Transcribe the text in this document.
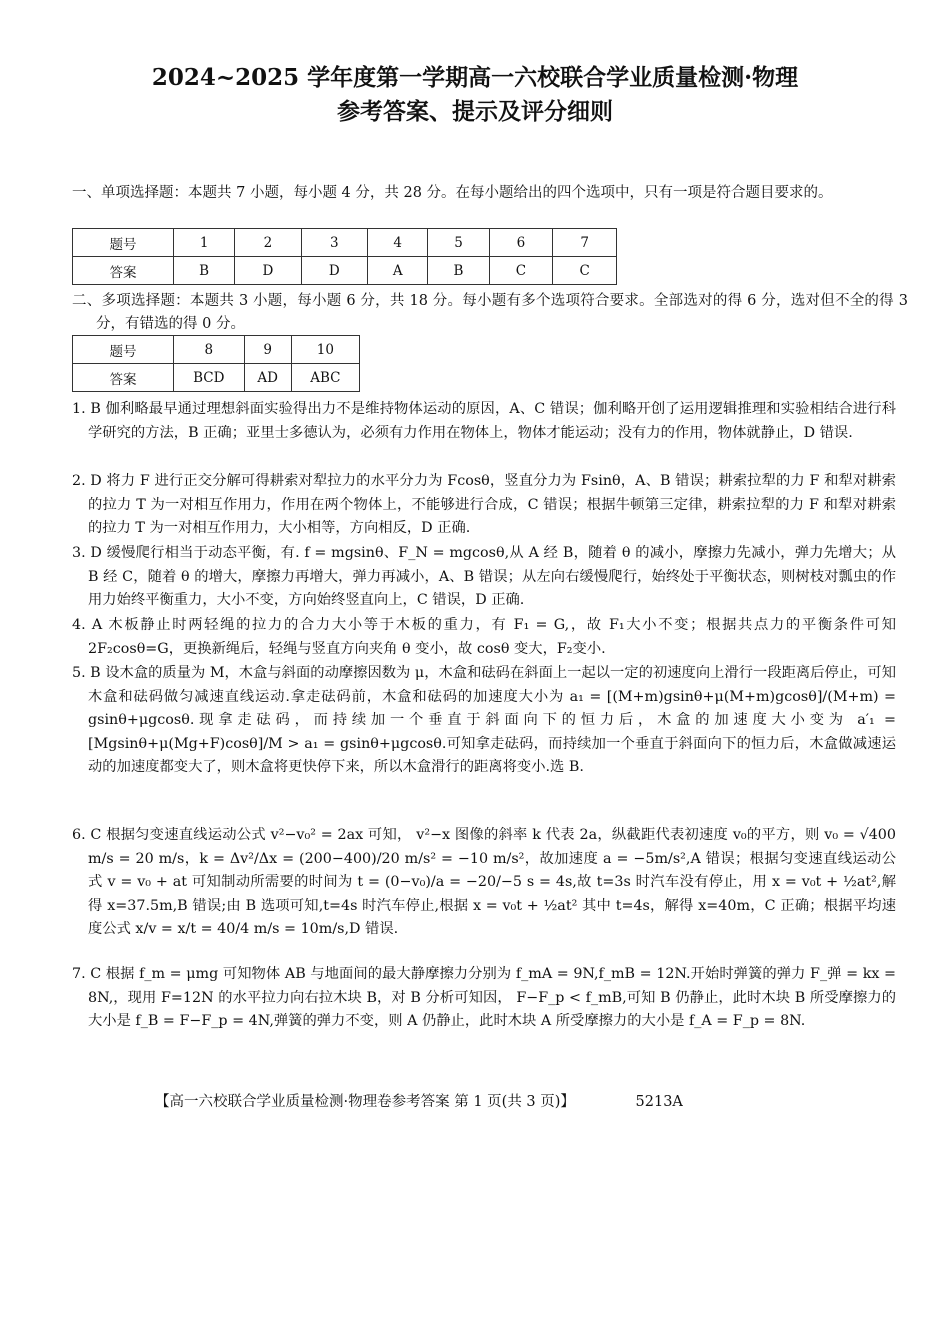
2024~2025 学年度第一学期高一六校联合学业质量检测·物理
参考答案、提示及评分细则
一、单项选择题：本题共 7 小题，每小题 4 分，共 28 分。在每小题给出的四个选项中，只有一项是符合题目要求的。
题号	1	2	3	4	5	6	7
答案	B	D	D	A	B	C	C
二、多项选择题：本题共 3 小题，每小题 6 分，共 18 分。每小题有多个选项符合要求。全部选对的得 6 分，选对但不全的得 3 分，有错选的得 0 分。
题号	8	9	10
答案	BCD	AD	ABC
1. B 伽利略最早通过理想斜面实验得出力不是维持物体运动的原因，A、C 错误；伽利略开创了运用逻辑推理和实验相结合进行科学研究的方法，B 正确；亚里士多德认为，必须有力作用在物体上，物体才能运动；没有力的作用，物体就静止，D 错误.
2. D 将力 F 进行正交分解可得耕索对犁拉力的水平分力为 Fcosθ，竖直分力为 Fsinθ，A、B 错误；耕索拉犁的力 F 和犁对耕索的拉力 T 为一对相互作用力，作用在两个物体上，不能够进行合成，C 错误；根据牛顿第三定律，耕索拉犁的力 F 和犁对耕索的拉力 T 为一对相互作用力，大小相等，方向相反，D 正确.
3. D 缓慢爬行相当于动态平衡，有. f = mgsinθ、F_N = mgcosθ,从 A 经 B，随着 θ 的减小，摩擦力先减小，弹力先增大；从 B 经 C，随着 θ 的增大，摩擦力再增大，弹力再减小，A、B 错误；从左向右缓慢爬行，始终处于平衡状态，则树枝对瓢虫的作用力始终平衡重力，大小不变，方向始终竖直向上，C 错误，D 正确.
4. A 木板静止时两轻绳的拉力的合力大小等于木板的重力，有 F₁ = G,，故 F₁大小不变；根据共点力的平衡条件可知 2F₂cosθ=G，更换新绳后，轻绳与竖直方向夹角 θ 变小，故 cosθ 变大，F₂变小.
5. B 设木盒的质量为 M，木盒与斜面的动摩擦因数为 μ，木盒和砝码在斜面上一起以一定的初速度向上滑行一段距离后停止，可知木盒和砝码做匀减速直线运动.拿走砝码前，木盒和砝码的加速度大小为 a₁ = [(M+m)gsinθ+μ(M+m)gcosθ]/(M+m) = gsinθ+μgcosθ.现拿走砝码，而持续加一个垂直于斜面向下的恒力后，木盒的加速度大小变为 a′₁ = [Mgsinθ+μ(Mg+F)cosθ]/M > a₁ = gsinθ+μgcosθ.可知拿走砝码，而持续加一个垂直于斜面向下的恒力后，木盒做减速运动的加速度都变大了，则木盒将更快停下来，所以木盒滑行的距离将变小.选 B.
6. C 根据匀变速直线运动公式 v²−v₀² = 2ax 可知， v²−x 图像的斜率 k 代表 2a，纵截距代表初速度 v₀的平方，则 v₀ = √400 m/s = 20 m/s，k = Δv²/Δx = (200−400)/20 m/s² = −10 m/s²，故加速度 a = −5m/s²,A 错误；根据匀变速直线运动公式 v = v₀ + at 可知制动所需要的时间为 t = (0−v₀)/a = −20/−5 s = 4s,故 t=3s 时汽车没有停止，用 x = v₀t + ½at²,解得 x=37.5m,B 错误;由 B 选项可知,t=4s 时汽车停止,根据 x = v₀t + ½at² 其中 t=4s，解得 x=40m，C 正确；根据平均速度公式 x/v = x/t = 40/4 m/s = 10m/s,D 错误.
7. C 根据 f_m = μmg 可知物体 AB 与地面间的最大静摩擦力分别为 f_mA = 9N,f_mB = 12N.开始时弹簧的弹力 F_弹 = kx = 8N,，现用 F=12N 的水平拉力向右拉木块 B，对 B 分析可知因， F−F_p < f_mB,可知 B 仍静止，此时木块 B 所受摩擦力的大小是 f_B = F−F_p = 4N,弹簧的弹力不变，则 A 仍静止，此时木块 A 所受摩擦力的大小是 f_A = F_p = 8N.
【高一六校联合学业质量检测·物理卷参考答案 第 1 页(共 3 页)】	5213A
